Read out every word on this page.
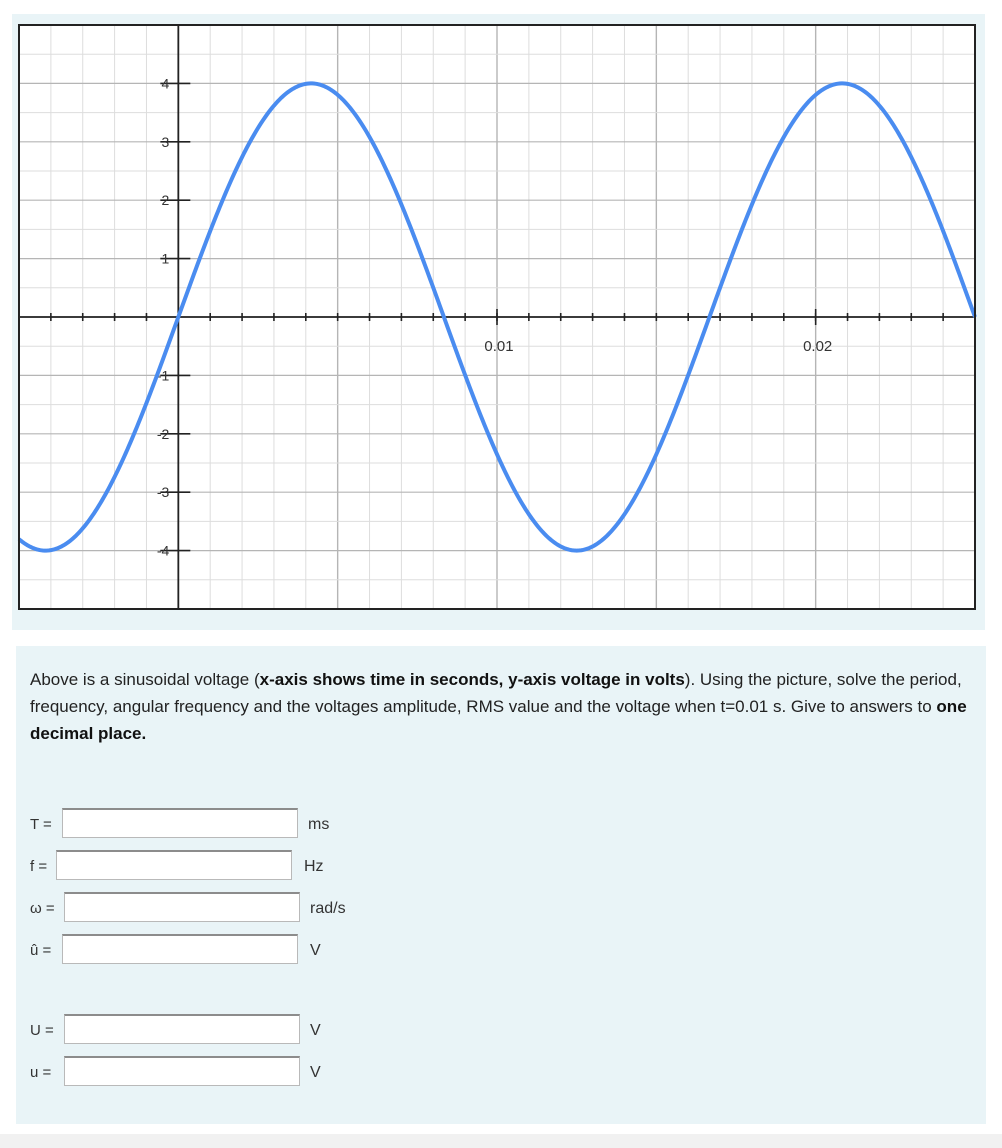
0.01	0.02
4
3
2
1
-1
-2
-3
-4
Above is a sinusoidal voltage (x-axis shows time in seconds, y-axis voltage in volts). Using the picture, solve the period, frequency, angular frequency and the voltages amplitude, RMS value and the voltage when t=0.01 s. Give to answers to one decimal place.
T =	ms
f =	Hz
ω =	rad/s
û =	V
U =	V
u =	V
